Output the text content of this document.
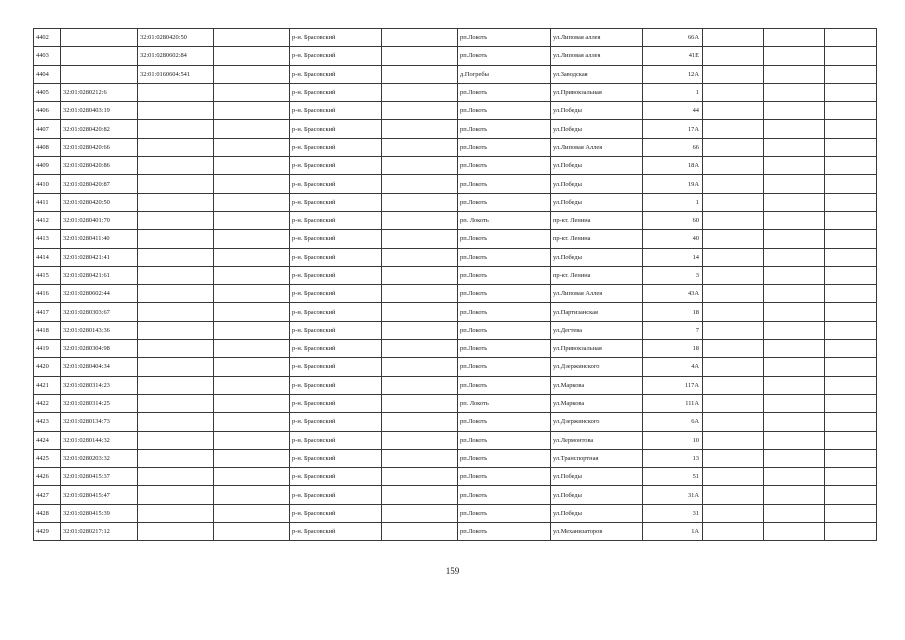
4402		32:01:0280420:50		р-н. Брасовский		рп.Локоть	ул.Липовая аллея	66А			
4403		32:01:0280602:84		р-н. Брасовский		рп.Локоть	ул.Липовая аллея	41Е			
4404		32:01:0160604:541		р-н. Брасовский		д.Погребы	ул.Заводская	12А			
4405	32:01:0280212:6			р-н. Брасовский		рп.Локоть	ул.Привокзальная	1			
4406	32:01:0280403:19			р-н. Брасовский		рп.Локоть	ул.Победы	44			
4407	32:01:0280420:82			р-н. Брасовский		рп.Локоть	ул.Победы	17А			
4408	32:01:0280420:66			р-н. Брасовский		рп.Локоть	ул.Липовая Аллея	66			
4409	32:01:0280420:86			р-н. Брасовский		рп.Локоть	ул.Победы	18А			
4410	32:01:0280420:87			р-н. Брасовский		рп.Локоть	ул.Победы	19А			
4411	32:01:0280420:50			р-н. Брасовский		рп.Локоть	ул.Победы	1			
4412	32:01:0280401:70			р-н. Брасовский		рп. Локоть	пр-кт. Ленина	60			
4413	32:01:0280411:40			р-н. Брасовский		рп.Локоть	пр-кт. Ленина	40			
4414	32:01:0280421:41			р-н. Брасовский		рп.Локоть	ул.Победы	14			
4415	32:01:0280421:61			р-н. Брасовский		рп.Локоть	пр-кт. Ленина	3			
4416	32:01:0280602:44			р-н. Брасовский		рп.Локоть	ул.Липовая Аллея	43А			
4417	32:01:0280303:67			р-н. Брасовский		рп.Локоть	ул.Партизанская	18			
4418	32:01:0280143:36			р-н. Брасовский		рп.Локоть	ул.Дегтева	7			
4419	32:01:0280304:98			р-н. Брасовский		рп.Локоть	ул.Привокзальная	18			
4420	32:01:0280404:34			р-н. Брасовский		рп.Локоть	ул.Дзержинского	4А			
4421	32:01:0280314:23			р-н. Брасовский		рп.Локоть	ул.Маркова	117А			
4422	32:01:0280314:25			р-н. Брасовский		рп. Локоть	ул.Маркова	111А			
4423	32:01:0280134:73			р-н. Брасовский		рп.Локоть	ул.Дзержинского	6А			
4424	32:01:0280144:32			р-н. Брасовский		рп.Локоть	ул.Лермонтова	10			
4425	32:01:0280203:32			р-н. Брасовский		рп.Локоть	ул.Транспортная	13			
4426	32:01:0280415:37			р-н. Брасовский		рп.Локоть	ул.Победы	51			
4427	32:01:0280415:47			р-н. Брасовский		рп.Локоть	ул.Победы	31А			
4428	32:01:0280415:39			р-н. Брасовский		рп.Локоть	ул.Победы	31			
4429	32:01:0280217:12			р-н. Брасовский		рп.Локоть	ул.Механизаторов	1А			
159
